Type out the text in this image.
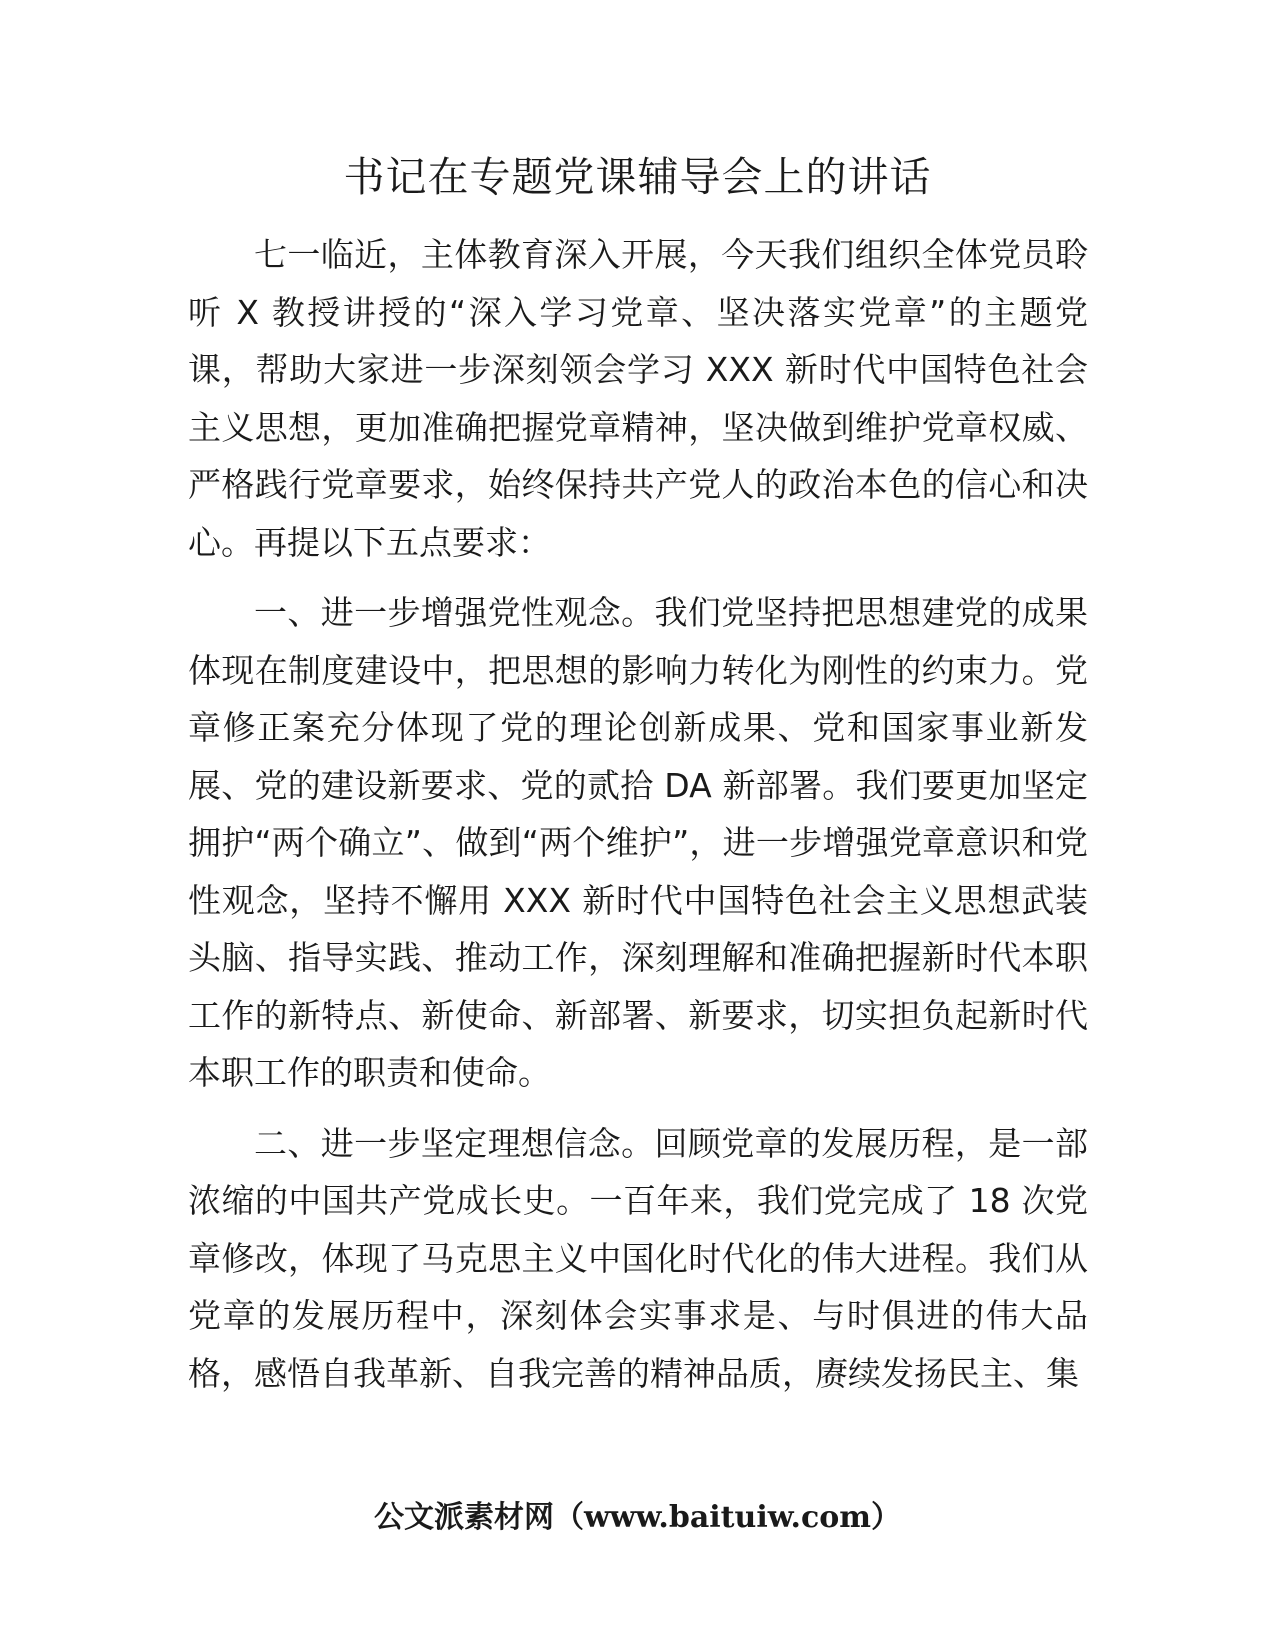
书记在专题党课辅导会上的讲话

七一临近，主体教育深入开展，今天我们组织全体党员聆听 X 教授讲授的“深入学习党章、坚决落实党章”的主题党课，帮助大家进一步深刻领会学习 XXX 新时代中国特色社会主义思想，更加准确把握党章精神，坚决做到维护党章权威、严格践行党章要求，始终保持共产党人的政治本色的信心和决心。再提以下五点要求：

一、进一步增强党性观念。我们党坚持把思想建党的成果体现在制度建设中，把思想的影响力转化为刚性的约束力。党章修正案充分体现了党的理论创新成果、党和国家事业新发展、党的建设新要求、党的贰拾 DA 新部署。我们要更加坚定拥护“两个确立”、做到“两个维护”，进一步增强党章意识和党性观念，坚持不懈用 XXX 新时代中国特色社会主义思想武装头脑、指导实践、推动工作，深刻理解和准确把握新时代本职工作的新特点、新使命、新部署、新要求，切实担负起新时代本职工作的职责和使命。

二、进一步坚定理想信念。回顾党章的发展历程，是一部浓缩的中国共产党成长史。一百年来，我们党完成了 18 次党章修改，体现了马克思主义中国化时代化的伟大进程。我们从党章的发展历程中，深刻体会实事求是、与时俱进的伟大品格，感悟自我革新、自我完善的精神品质，赓续发扬民主、集

公文派素材网（www.baituiw.com）
